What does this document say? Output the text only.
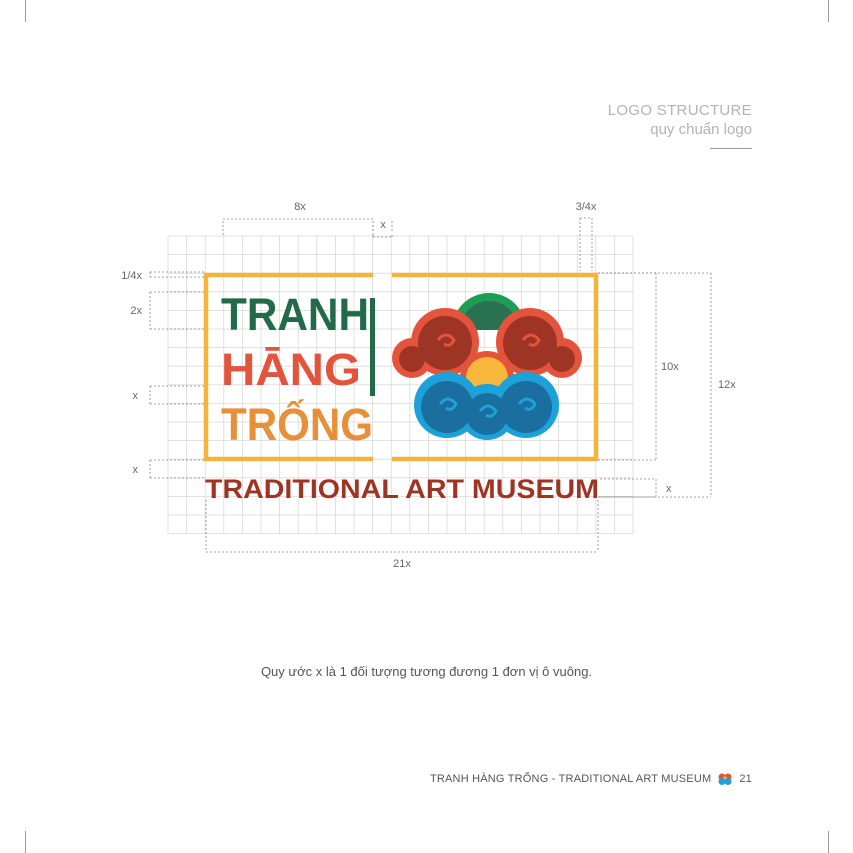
LOGO STRUCTURE
quy chuẩn logo
TRANH
HĀNG
TRỐNG
TRADITIONAL ART MUSEUM
8x
x
3/4x
1/4x
2x
x
x
10x
12x
x
21x
Quy ước x là 1 đối tượng tương đương 1 đơn vị ô vuông.
TRANH HÀNG TRỐNG - TRADITIONAL ART MUSEUM	21
